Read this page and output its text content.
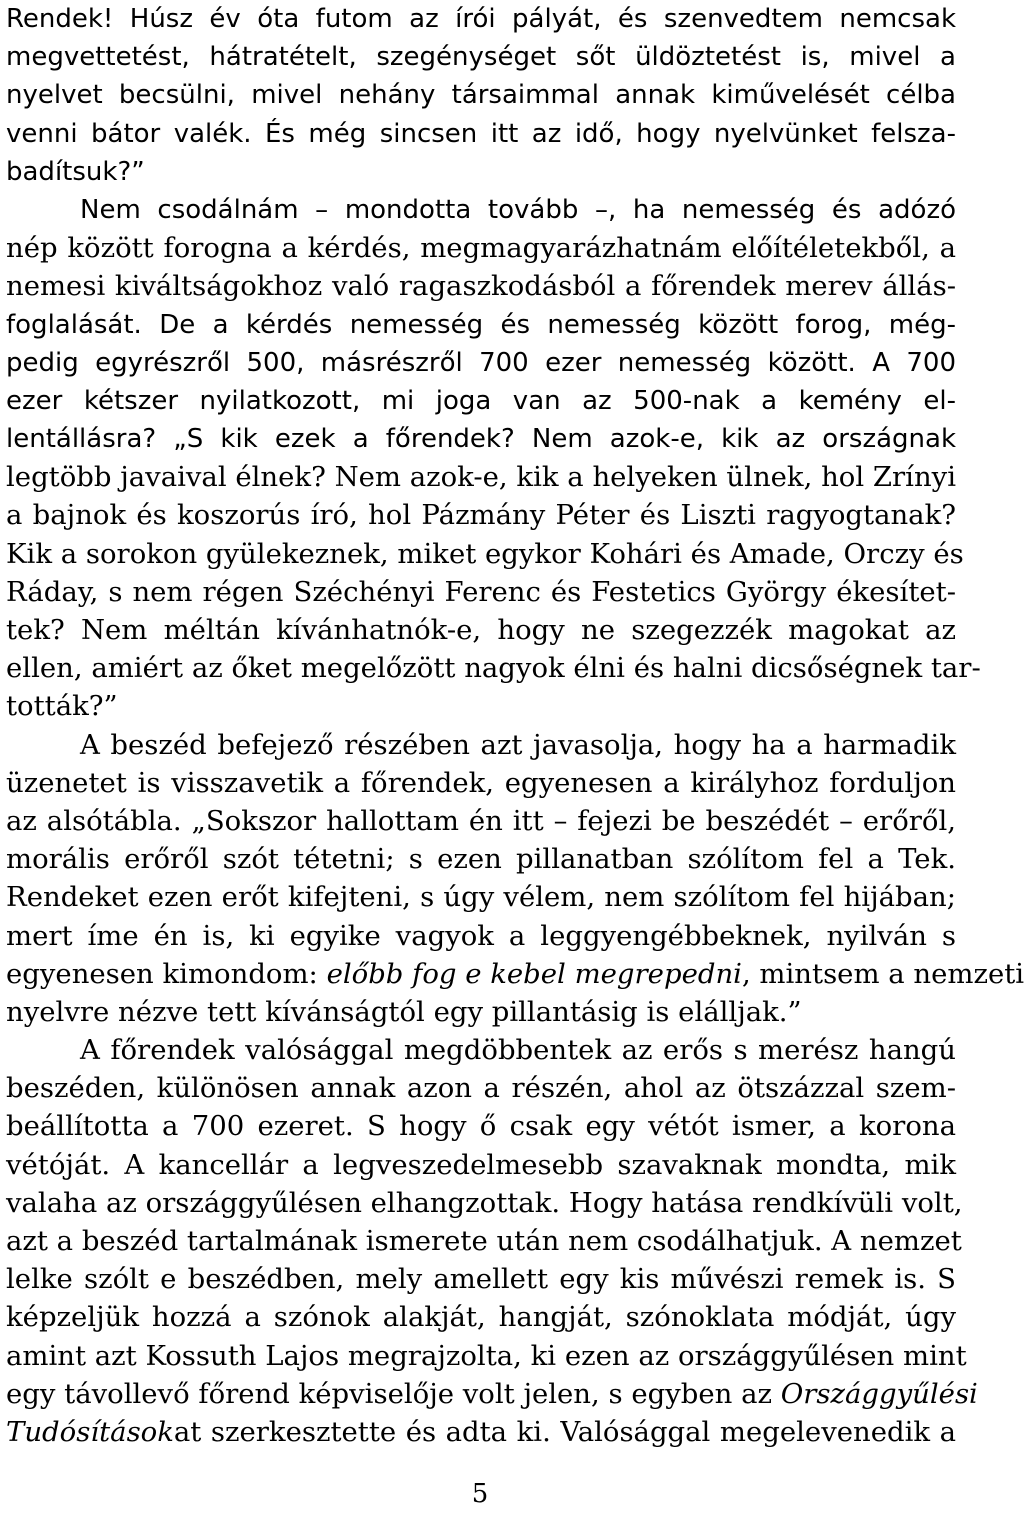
Rendek! Húsz év óta futom az írói pályát, és szenvedtem nemcsak
megvettetést, hátratételt, szegénységet sőt üldöztetést is, mivel a
nyelvet becsülni, mivel nehány társaimmal annak kiművelését célba
venni bátor valék. És még sincsen itt az idő, hogy nyelvünket felsza-
badítsuk?”
Nem csodálnám – mondotta tovább –, ha nemesség és adózó
nép között forogna a kérdés, megmagyarázhatnám előítéletekből, a
nemesi kiváltságokhoz való ragaszkodásból a főrendek merev állás-
foglalását. De a kérdés nemesség és nemesség között forog, még-
pedig egyrészről 500, másrészről 700 ezer nemesség között. A 700
ezer kétszer nyilatkozott, mi joga van az 500-nak a kemény el-
lentállásra? „S kik ezek a főrendek? Nem azok-e, kik az országnak
legtöbb javaival élnek? Nem azok-e, kik a helyeken ülnek, hol Zrínyi
a bajnok és koszorús író, hol Pázmány Péter és Liszti ragyogtanak?
Kik a sorokon gyülekeznek, miket egykor Kohári és Amade, Orczy és
Ráday, s nem régen Széchényi Ferenc és Festetics György ékesítet-
tek? Nem méltán kívánhatnók-e, hogy ne szegezzék magokat az
ellen, amiért az őket megelőzött nagyok élni és halni dicsőségnek tar-
tották?”
A beszéd befejező részében azt javasolja, hogy ha a harmadik
üzenetet is visszavetik a főrendek, egyenesen a királyhoz forduljon
az alsótábla. „Sokszor hallottam én itt – fejezi be beszédét – erőről,
morális erőről szót tétetni; s ezen pillanatban szólítom fel a Tek.
Rendeket ezen erőt kifejteni, s úgy vélem, nem szólítom fel hijában;
mert íme én is, ki egyike vagyok a leggyengébbeknek, nyilván s
egyenesen kimondom: előbb fog e kebel megrepedni, mintsem a nemzeti
nyelvre nézve tett kívánságtól egy pillantásig is elálljak.”
A főrendek valósággal megdöbbentek az erős s merész hangú
beszéden, különösen annak azon a részén, ahol az ötszázzal szem-
beállította a 700 ezeret. S hogy ő csak egy vétót ismer, a korona
vétóját. A kancellár a legveszedelmesebb szavaknak mondta, mik
valaha az országgyűlésen elhangzottak. Hogy hatása rendkívüli volt,
azt a beszéd tartalmának ismerete után nem csodálhatjuk. A nemzet
lelke szólt e beszédben, mely amellett egy kis művészi remek is. S
képzeljük hozzá a szónok alakját, hangját, szónoklata módját, úgy
amint azt Kossuth Lajos megrajzolta, ki ezen az országgyűlésen mint
egy távollevő főrend képviselője volt jelen, s egyben az Országgyűlési
Tudósításokat szerkesztette és adta ki. Valósággal megelevenedik a
5
